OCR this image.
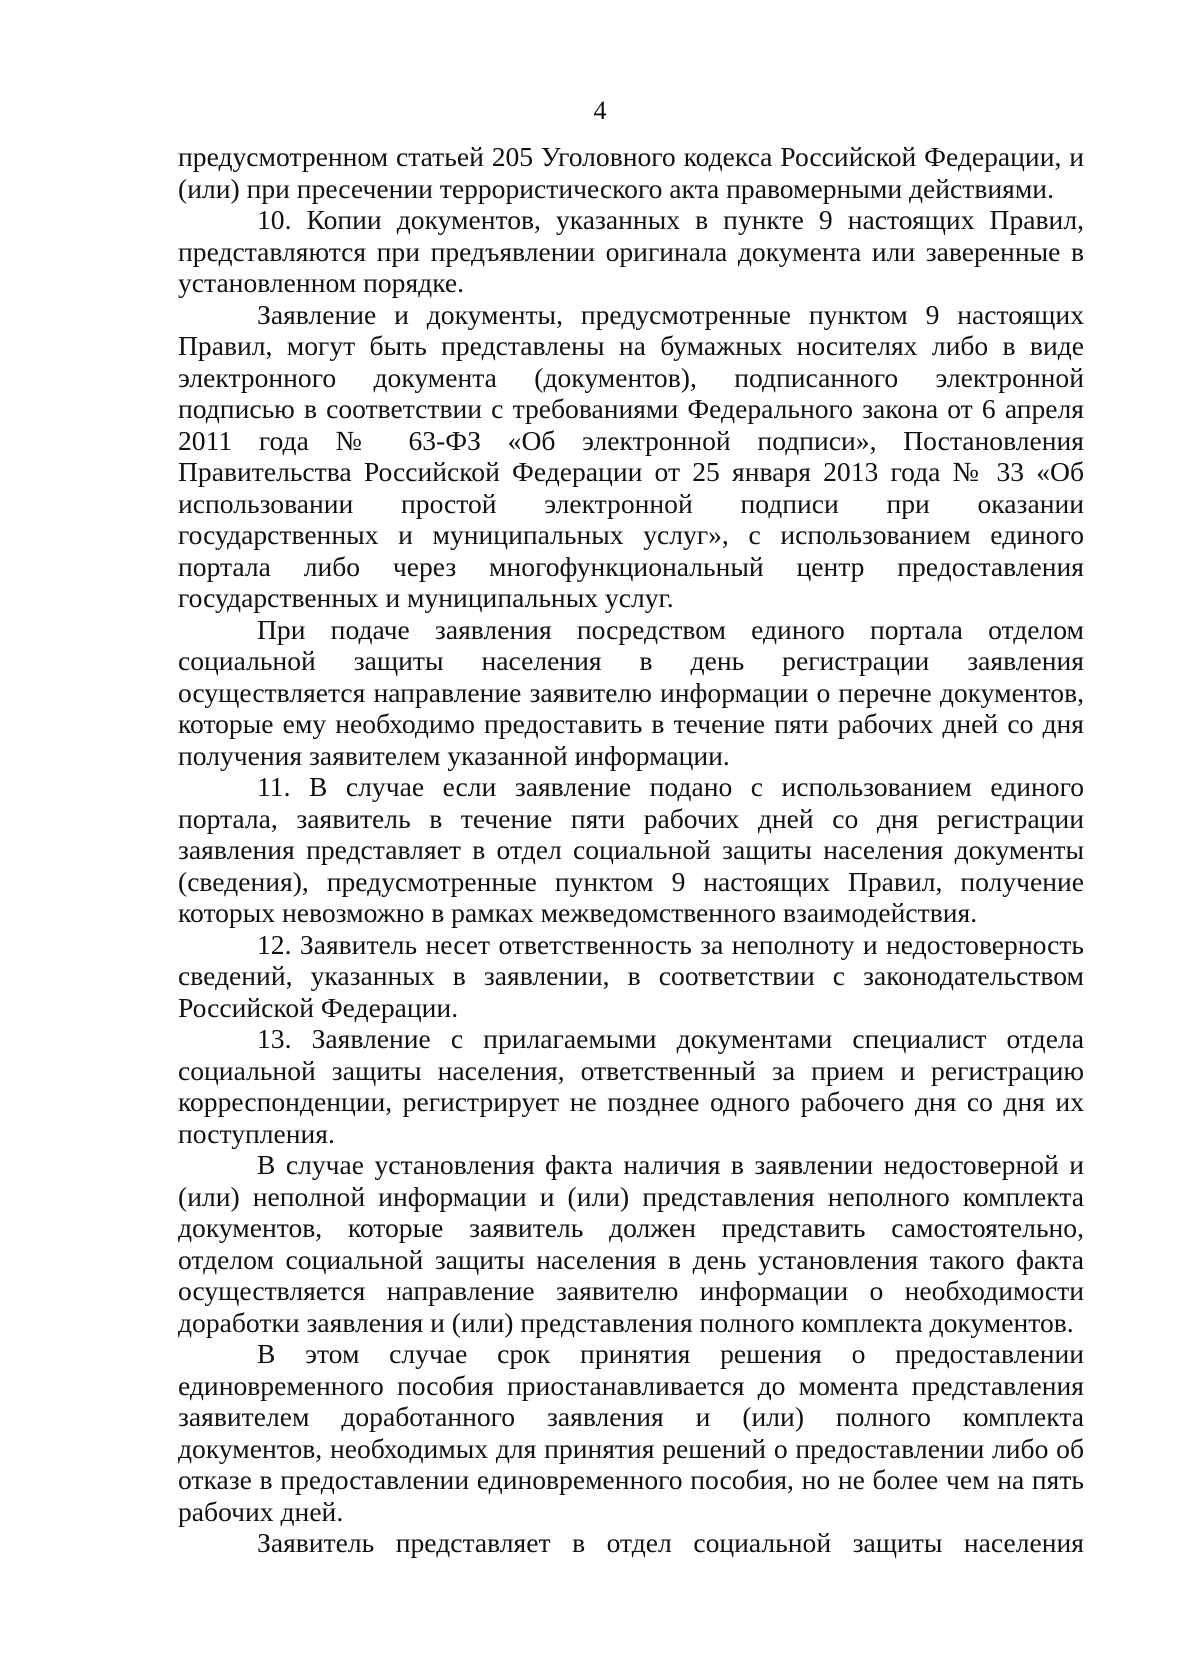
4

предусмотренном статьей 205 Уголовного кодекса Российской Федерации, и (или) при пресечении террористического акта правомерными действиями.

10. Копии документов, указанных в пункте 9 настоящих Правил, представляются при предъявлении оригинала документа или заверенные в установленном порядке.

Заявление и документы, предусмотренные пунктом 9 настоящих Правил, могут быть представлены на бумажных носителях либо в виде электронного документа (документов), подписанного электронной подписью в соответствии с требованиями Федерального закона от 6 апреля 2011 года № 63-ФЗ «Об электронной подписи», Постановления Правительства Российской Федерации от 25 января 2013 года № 33 «Об использовании простой электронной подписи при оказании государственных и муниципальных услуг», с использованием единого портала либо через многофункциональный центр предоставления государственных и муниципальных услуг.

При подаче заявления посредством единого портала отделом социальной защиты населения в день регистрации заявления осуществляется направление заявителю информации о перечне документов, которые ему необходимо предоставить в течение пяти рабочих дней со дня получения заявителем указанной информации.

11. В случае если заявление подано с использованием единого портала, заявитель в течение пяти рабочих дней со дня регистрации заявления представляет в отдел социальной защиты населения документы (сведения), предусмотренные пунктом 9 настоящих Правил, получение которых невозможно в рамках межведомственного взаимодействия.

12. Заявитель несет ответственность за неполноту и недостоверность сведений, указанных в заявлении, в соответствии с законодательством Российской Федерации.

13. Заявление с прилагаемыми документами специалист отдела социальной защиты населения, ответственный за прием и регистрацию корреспонденции, регистрирует не позднее одного рабочего дня со дня их поступления.

В случае установления факта наличия в заявлении недостоверной и (или) неполной информации и (или) представления неполного комплекта документов, которые заявитель должен представить самостоятельно, отделом социальной защиты населения в день установления такого факта осуществляется направление заявителю информации о необходимости доработки заявления и (или) представления полного комплекта документов.

В этом случае срок принятия решения о предоставлении единовременного пособия приостанавливается до момента представления заявителем доработанного заявления и (или) полного комплекта документов, необходимых для принятия решений о предоставлении либо об отказе в предоставлении единовременного пособия, но не более чем на пять рабочих дней.

Заявитель представляет в отдел социальной защиты населения
